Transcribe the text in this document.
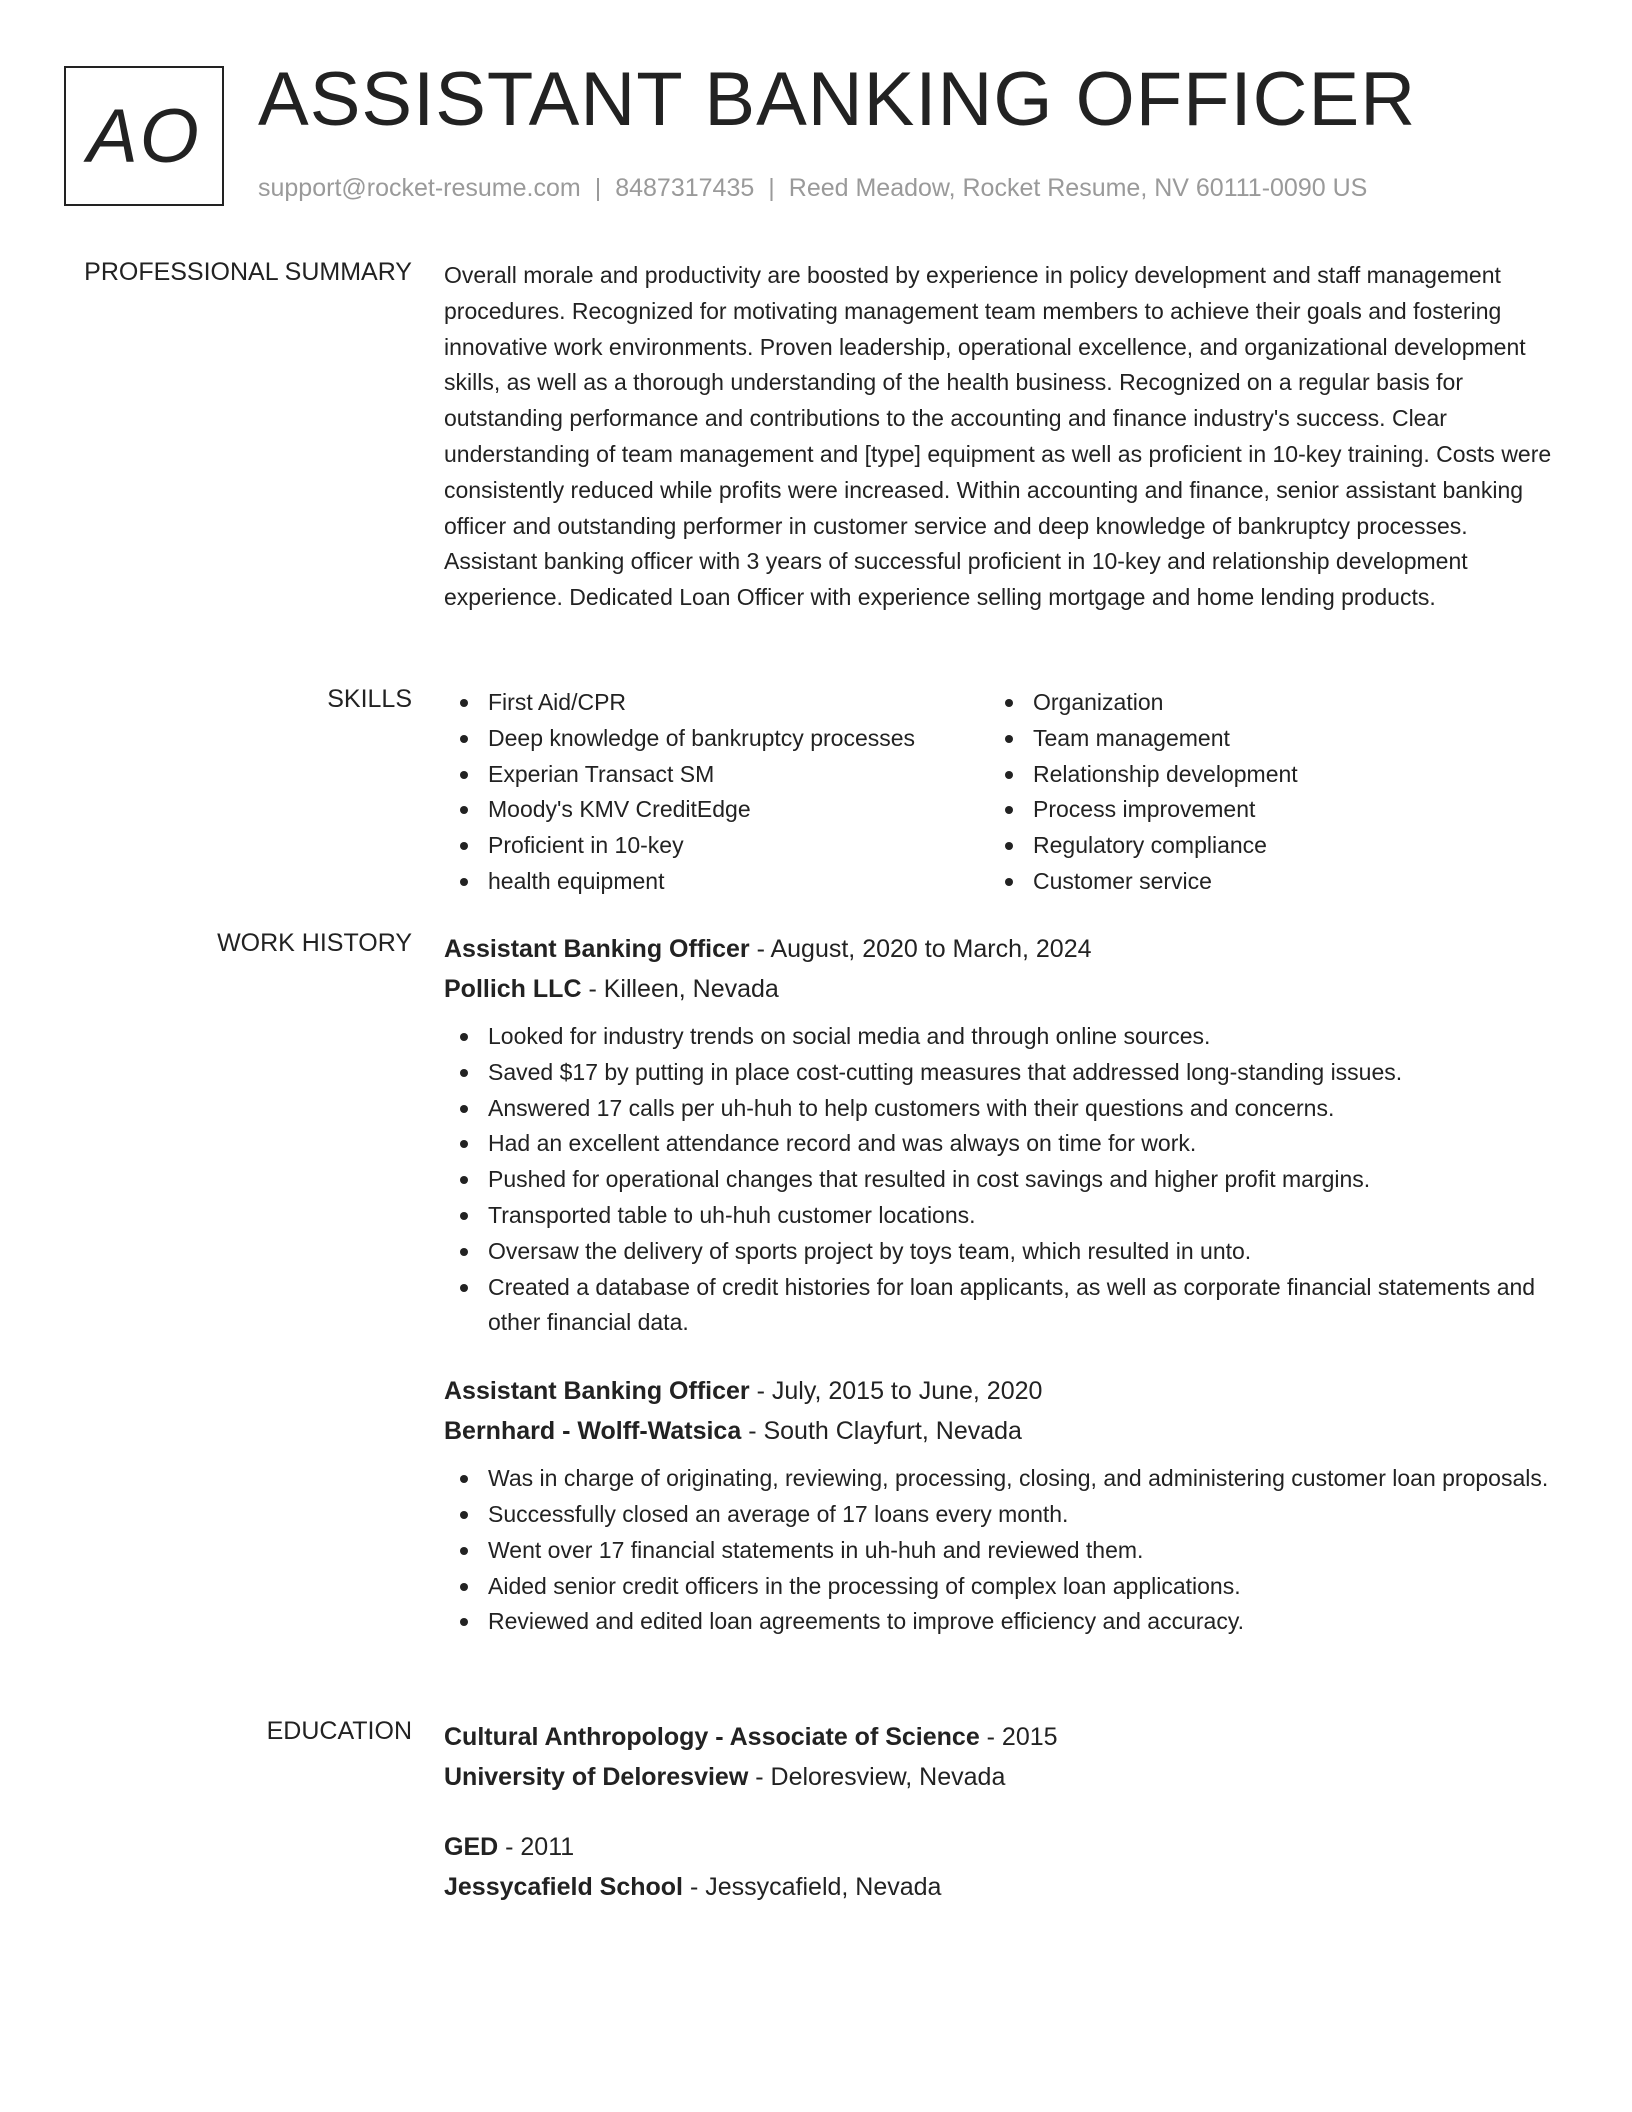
AO ASSISTANT BANKING OFFICER
support@rocket-resume.com | 8487317435 | Reed Meadow, Rocket Resume, NV 60111-0090 US
PROFESSIONAL SUMMARY Overall morale and productivity are boosted by experience in policy development and staff management procedures. Recognized for motivating management team members to achieve their goals and fostering innovative work environments. Proven leadership, operational excellence, and organizational development skills, as well as a thorough understanding of the health business. Recognized on a regular basis for outstanding performance and contributions to the accounting and finance industry's success. Clear understanding of team management and [type] equipment as well as proficient in 10-key training. Costs were consistently reduced while profits were increased. Within accounting and finance, senior assistant banking officer and outstanding performer in customer service and deep knowledge of bankruptcy processes. Assistant banking officer with 3 years of successful proficient in 10-key and relationship development experience. Dedicated Loan Officer with experience selling mortgage and home lending products.

SKILLS	First Aid/CPR
Deep knowledge of bankruptcy processes
Experian Transact SM
Moody's KMV CreditEdge
Proficient in 10-key
health equipment
Organization
Team management
Relationship development
Process improvement
Regulatory compliance
Customer service
WORK HISTORY Assistant Banking Officer - August, 2020 to March, 2024
Pollich LLC - Killeen, Nevada
Looked for industry trends on social media and through online sources.
Saved $17 by putting in place cost-cutting measures that addressed long-standing issues.
Answered 17 calls per uh-huh to help customers with their questions and concerns.
Had an excellent attendance record and was always on time for work.
Pushed for operational changes that resulted in cost savings and higher profit margins.
Transported table to uh-huh customer locations.
Oversaw the delivery of sports project by toys team, which resulted in unto.
Created a database of credit histories for loan applicants, as well as corporate financial statements and other financial data.
Assistant Banking Officer - July, 2015 to June, 2020
Bernhard - Wolff-Watsica - South Clayfurt, Nevada
Was in charge of originating, reviewing, processing, closing, and administering customer loan proposals.
Successfully closed an average of 17 loans every month.
Went over 17 financial statements in uh-huh and reviewed them.
Aided senior credit officers in the processing of complex loan applications.
Reviewed and edited loan agreements to improve efficiency and accuracy.
EDUCATION Cultural Anthropology - Associate of Science - 2015
University of Deloresview - Deloresview, Nevada
GED - 2011
Jessycafield School - Jessycafield, Nevada
